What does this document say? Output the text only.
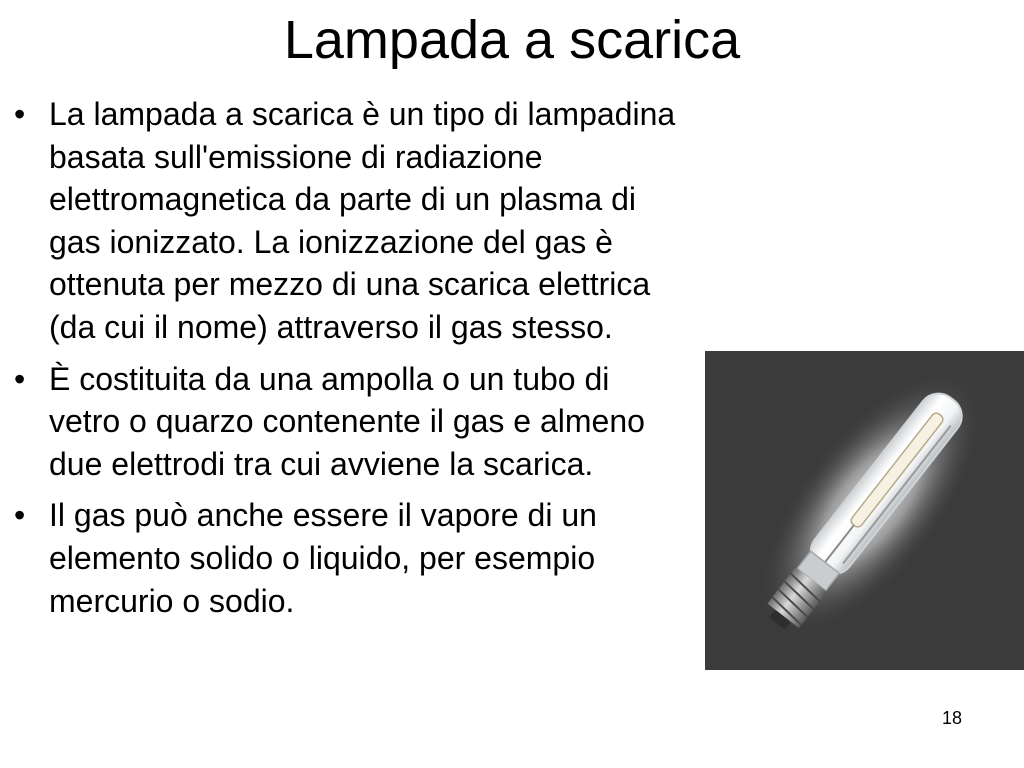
Lampada a scarica
• La lampada a scarica è un tipo di lampadina basata sull'emissione di radiazione elettromagnetica da parte di un plasma di gas ionizzato. La ionizzazione del gas è ottenuta per mezzo di una scarica elettrica (da cui il nome) attraverso il gas stesso.
• È costituita da una ampolla o un tubo di vetro o quarzo contenente il gas e almeno due elettrodi tra cui avviene la scarica.
• Il gas può anche essere il vapore di un elemento solido o liquido, per esempio mercurio o sodio.
18
